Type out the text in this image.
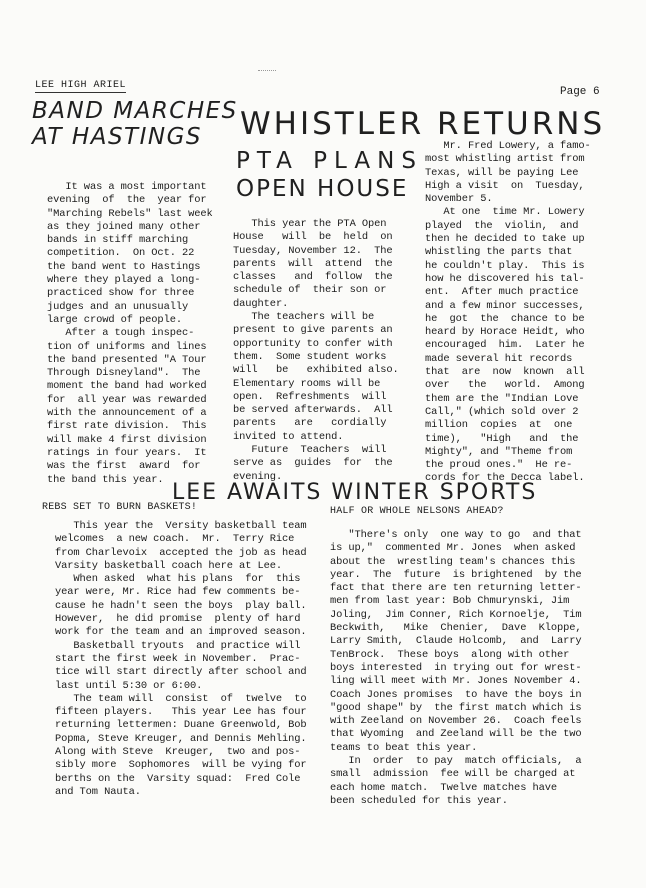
LEE HIGH ARIEL
Page 6
BAND MARCHES
AT HASTINGS
It was a most important
evening  of  the  year for
"Marching Rebels" last week
as they joined many other
bands in stiff marching
competition.  On Oct. 22
the band went to Hastings
where they played a long-
practiced show for three
judges and an unusually
large crowd of people.
After a tough inspec-
tion of uniforms and lines
the band presented "A Tour
Through Disneyland".  The
moment the band had worked
for  all year was rewarded
with the announcement of a
first rate division.  This
will make 4 first division
ratings in four years.  It
was the first  award  for
the band this year.
WHISTLER RETURNS
PTA PLANS
OPEN HOUSE
This year the PTA Open
House   will  be  held  on
Tuesday, November 12.  The
parents  will  attend  the
classes   and  follow  the
schedule of  their son or
daughter.
The teachers will be
present to give parents an
opportunity to confer with
them.  Some student works
will   be   exhibited also.
Elementary rooms will be
open.  Refreshments  will
be served afterwards.  All
parents   are   cordially
invited to attend.
Future  Teachers  will
serve as  guides  for  the
evening.
Mr. Fred Lowery, a famo-
most whistling artist from
Texas, will be paying Lee
High a visit  on  Tuesday,
November 5.
At one  time Mr. Lowery
played  the  violin,  and
then he decided to take up
whistling the parts that
he couldn't play.  This is
how he discovered his tal-
ent.  After much practice
and a few minor successes,
he  got  the  chance to be
heard by Horace Heidt, who
encouraged  him.  Later he
made several hit records
that  are  now  known  all
over   the   world.  Among
them are the "Indian Love
Call," (which sold over 2
million  copies  at  one
time),   "High   and  the
Mighty", and "Theme from
the proud ones."  He re-
cords for the Decca label.
LEE AWAITS WINTER SPORTS
REBS SET TO BURN BASKETS!
This year the  Versity basketball team
welcomes  a new coach.  Mr.  Terry Rice
from Charlevoix  accepted the job as head
Varsity basketball coach here at Lee.
When asked  what his plans  for  this
year were, Mr. Rice had few comments be-
cause he hadn't seen the boys  play ball.
However,  he did promise  plenty of hard
work for the team and an improved season.
Basketball tryouts  and practice will
start the first week in November.  Prac-
tice will start directly after school and
last until 5:30 or 6:00.
The team will  consist  of  twelve  to
fifteen players.   This year Lee has four
returning lettermen: Duane Greenwold, Bob
Popma, Steve Kreuger, and Dennis Mehling.
Along with Steve  Kreuger,  two and pos-
sibly more  Sophomores  will be vying for
berths on the  Varsity squad:  Fred Cole
and Tom Nauta.
HALF OR WHOLE NELSONS AHEAD?
"There's only  one way to go  and that
is up,"  commented Mr. Jones  when asked
about the  wrestling team's chances this
year.  The  future  is brightened  by the
fact that there are ten returning letter-
men from last year: Bob Chmurynski, Jim
Joling,  Jim Conner, Rich Kornoelje,  Tim
Beckwith,   Mike  Chenier,  Dave  Kloppe,
Larry Smith,  Claude Holcomb,  and  Larry
TenBrock.  These boys  along with other
boys interested  in trying out for wrest-
ling will meet with Mr. Jones November 4.
Coach Jones promises  to have the boys in
"good shape" by  the first match which is
with Zeeland on November 26.  Coach feels
that Wyoming  and Zeeland will be the two
teams to beat this year.
In  order  to pay  match officials,  a
small  admission  fee will be charged at
each home match.  Twelve matches have
been scheduled for this year.
